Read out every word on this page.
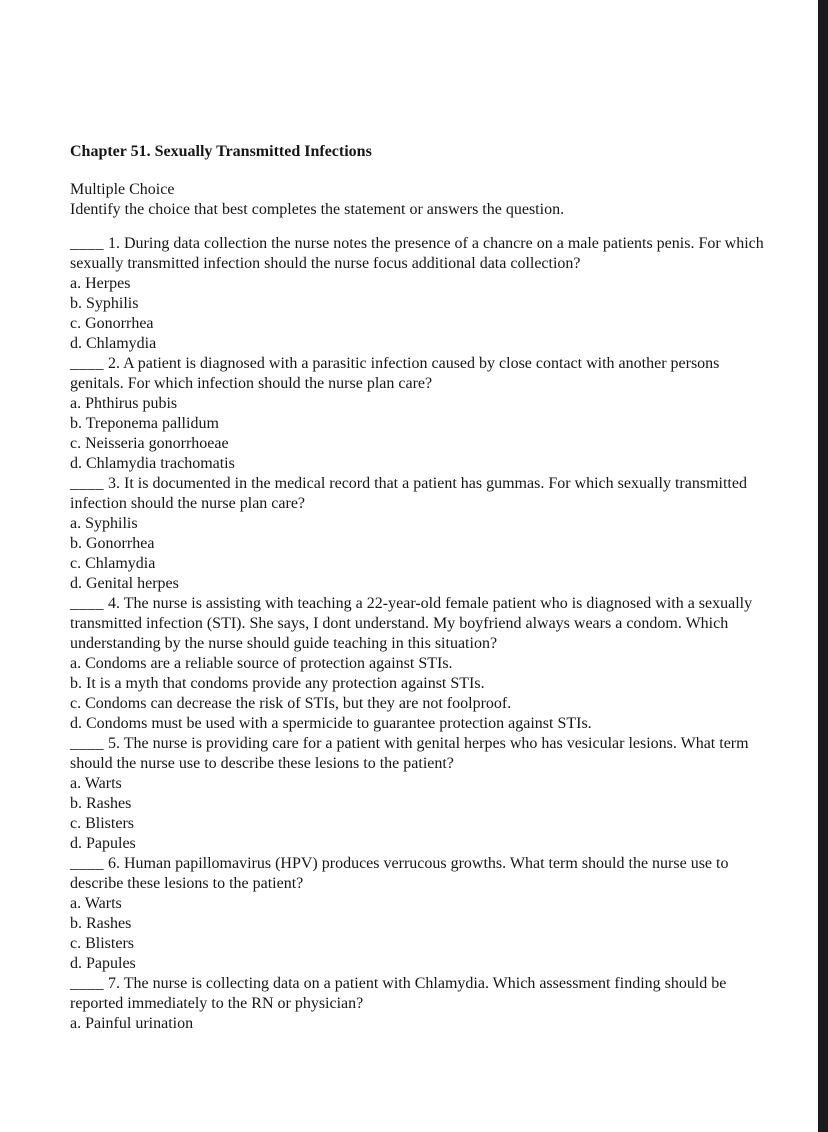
Chapter 51. Sexually Transmitted Infections

Multiple Choice

Identify the choice that best completes the statement or answers the question.

____ 1. During data collection the nurse notes the presence of a chancre on a male patients penis. For which sexually transmitted infection should the nurse focus additional data collection?

a. Herpes

b. Syphilis

c. Gonorrhea

d. Chlamydia

____ 2. A patient is diagnosed with a parasitic infection caused by close contact with another persons genitals. For which infection should the nurse plan care?

a. Phthirus pubis

b. Treponema pallidum

c. Neisseria gonorrhoeae

d. Chlamydia trachomatis

____ 3. It is documented in the medical record that a patient has gummas. For which sexually transmitted infection should the nurse plan care?

a. Syphilis

b. Gonorrhea

c. Chlamydia

d. Genital herpes

____ 4. The nurse is assisting with teaching a 22-year-old female patient who is diagnosed with a sexually transmitted infection (STI). She says, I dont understand. My boyfriend always wears a condom. Which understanding by the nurse should guide teaching in this situation?

a. Condoms are a reliable source of protection against STIs.

b. It is a myth that condoms provide any protection against STIs.

c. Condoms can decrease the risk of STIs, but they are not foolproof.

d. Condoms must be used with a spermicide to guarantee protection against STIs.

____ 5. The nurse is providing care for a patient with genital herpes who has vesicular lesions. What term should the nurse use to describe these lesions to the patient?

a. Warts

b. Rashes

c. Blisters

d. Papules

____ 6. Human papillomavirus (HPV) produces verrucous growths. What term should the nurse use to describe these lesions to the patient?

a. Warts

b. Rashes

c. Blisters

d. Papules

____ 7. The nurse is collecting data on a patient with Chlamydia. Which assessment finding should be reported immediately to the RN or physician?

a. Painful urination
